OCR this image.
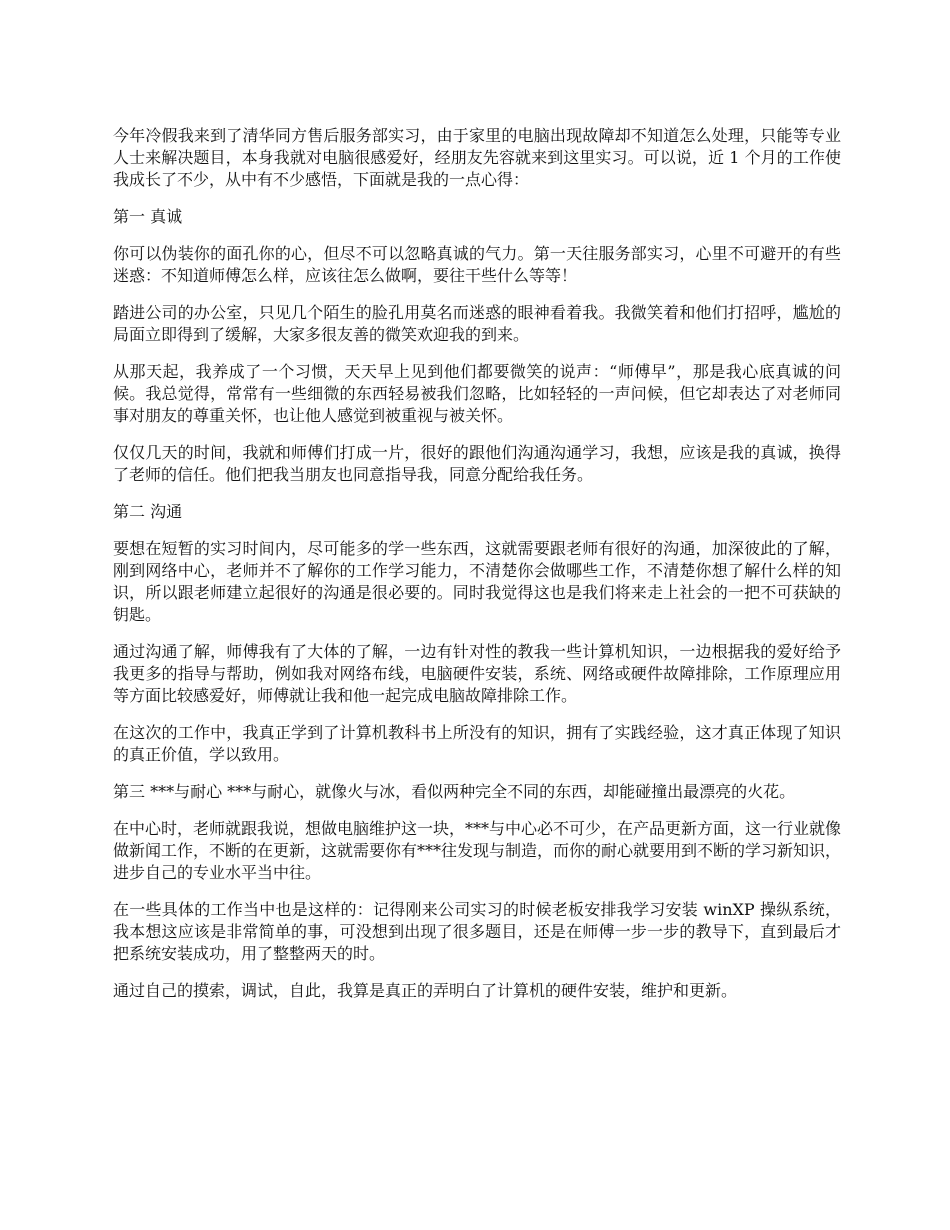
今年冷假我来到了清华同方售后服务部实习，由于家里的电脑出现故障却不知道怎么处理，只能等专业人士来解决题目，本身我就对电脑很感爱好，经朋友先容就来到这里实习。可以说，近 1 个月的工作使我成长了不少，从中有不少感悟，下面就是我的一点心得：

第一 真诚

你可以伪装你的面孔你的心，但尽不可以忽略真诚的气力。第一天往服务部实习，心里不可避开的有些迷惑：不知道师傅怎么样，应该往怎么做啊，要往干些什么等等！

踏进公司的办公室，只见几个陌生的脸孔用莫名而迷惑的眼神看着我。我微笑着和他们打招呼，尴尬的局面立即得到了缓解，大家多很友善的微笑欢迎我的到来。

从那天起，我养成了一个习惯，天天早上见到他们都要微笑的说声：“师傅早”，那是我心底真诚的问候。我总觉得，常常有一些细微的东西轻易被我们忽略，比如轻轻的一声问候，但它却表达了对老师同事对朋友的尊重关怀，也让他人感觉到被重视与被关怀。

仅仅几天的时间，我就和师傅们打成一片，很好的跟他们沟通沟通学习，我想，应该是我的真诚，换得了老师的信任。他们把我当朋友也同意指导我，同意分配给我任务。

第二 沟通

要想在短暂的实习时间内，尽可能多的学一些东西，这就需要跟老师有很好的沟通，加深彼此的了解，刚到网络中心，老师并不了解你的工作学习能力，不清楚你会做哪些工作，不清楚你想了解什么样的知识，所以跟老师建立起很好的沟通是很必要的。同时我觉得这也是我们将来走上社会的一把不可获缺的钥匙。

通过沟通了解，师傅我有了大体的了解，一边有针对性的教我一些计算机知识，一边根据我的爱好给予我更多的指导与帮助，例如我对网络布线，电脑硬件安装，系统、网络或硬件故障排除，工作原理应用等方面比较感爱好，师傅就让我和他一起完成电脑故障排除工作。

在这次的工作中，我真正学到了计算机教科书上所没有的知识，拥有了实践经验，这才真正体现了知识的真正价值，学以致用。

第三 ***与耐心 ***与耐心，就像火与冰，看似两种完全不同的东西，却能碰撞出最漂亮的火花。

在中心时，老师就跟我说，想做电脑维护这一块，***与中心必不可少，在产品更新方面，这一行业就像做新闻工作，不断的在更新，这就需要你有***往发现与制造，而你的耐心就要用到不断的学习新知识，进步自己的专业水平当中往。

在一些具体的工作当中也是这样的：记得刚来公司实习的时候老板安排我学习安装 winXP 操纵系统，我本想这应该是非常简单的事，可没想到出现了很多题目，还是在师傅一步一步的教导下，直到最后才把系统安装成功，用了整整两天的时。

通过自己的摸索，调试，自此，我算是真正的弄明白了计算机的硬件安装，维护和更新。
